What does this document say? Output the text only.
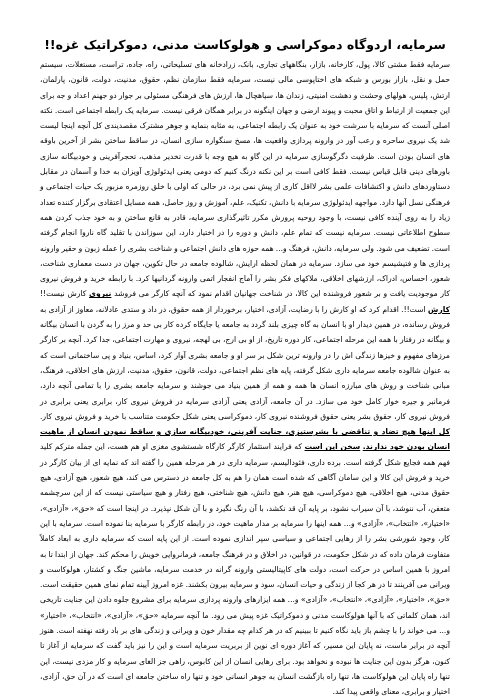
سرمایه، اردوگاه دموکراسی و هولوکاست مدنی، دموکراتیک غزه!!

سرمایه فقط مشتی کالا، پول، کارخانه، بازار، بنگاههای تجاری، بانک، زرادخانه های تسلیحاتی، راه، جاده، تراست، مستغلات، سیستم حمل و نقل، بازار بورس و شبکه های اختاپوسی مالی نیست، سرمایه فقط سازمان نظم، حقوق، مدنیت، دولت، قانون، پارلمان، ارتش، پلیس، هولهای وحشت و دهشت امنیتی، زندان ها، سیاهچال ها، ارزش های فرهنگی مسئولی بر جوار دو جهنم اعداد و جه برای این جمعیت از ارتباط و اتاق محبت و پیوند ارضی و جهان اینگونه در برابر همگان فرقی نیست. سرمایه یک رابطه اجتماعی است. نکته اصلی آنست که سرمایه با سرشت خود به عنوان یک رابطه اجتماعی، به مثابه بنمایه و جوهر مشترک مقصدیندی کل آنچه اینجا لیست شد یک نیروی ساحره و رعب آور در وارونه پردازی واقعیت ها، مسخ سنگواره سازی انسان، در ساقط ساختن بشر از آخرین باوقه های انسان بودن است. ظرفیت دگرگوسازی سرمایه در این گاو به هیچ وجه با قدرت تخدیر مذهب، تحجرآفرینی و خودبیگانه سازی باورهای دینی قابل قیاس نیست. فقط کافی است بر این نکته درنگ کنیم که دومی یعنی ایدئولوژی آویزان به خدا و آسمان در مقابل دستاوردهای دانش و اکتشافات علمی بشر لااقل کاری از پیش نمی برد، در حالی که اولی با خلق روزمره مزبور یک حیات اجتماعی و فرهنگی نسل آنها دارد. مواجهه ایدئولوژی سرمایه با دانش، تکنیک، علم، آموزش و روز حاصل، همه مسایل اعتقادی برگزار کننده تعداد زیاد را به روی آینده کافی نیست، با وجود روحیه پرورش مکرر تاثیرگذاری سرمایه، قادر به قانع ساختن و به خود جذب کردن همه سطوح اطلاعاتی نیست. سرمایه نیست که تمام علم، دانش و دوره را در اختیار دارد، این سوزاندن با تقلید گاه ناروا انجام گرفته است. تضعیف می شود. ولی سرمایه، دانش، فرهنگ و... همه حوزه های دانش اجتماعی و شناخت بشری را عمله زبون و حقیر وارونه پردازی ها و فتیشیسم خود می سازد. سرمایه در همان لحظه ارایش، شالوده جامعه در حال تکوین، جهان در دست معماری شناخت، شعور، احساس، ادراک، ارزشهای اخلاقی، ملاکهای فکر بشر را آماج انفجار اتمی وارونه گردانیها کرد. با رابطه خرید و فروش نیروی کار موجودیت یافت و بر شعور فروشنده این کالا، در شناخت جهانیان اقدام نمود که آنچه کارگر می فروشد نیروی کارش نیست!! کارش است!!. اقدام کرد که او کارش را با رضایت، آزادی، اختیار، برخوردار از همه حقوق، در داد و ستدی عادلانه، معاوز از آزادی به فروش رسانده، در همین دیدار او با انسان به گاه چیزی بلند گردد به جامعه یا جایگاه کرده کار بی حد و مرز را به گردن با انسان بیگانه و بیگانه در رفتار با همه این مرحله اجتماعی، کار دوره تاریخ، از او بی ارج، بی لهجه، نیروی و مهارت اجتماعی، جدا کرد. آنچه بر کارگر مرزهای مفهوم و خیزها زندگی اش را در وارونه ترین شکل بر سر او و جامعه بشری آوار کرد، اساس، بنیاد و پی ساختمانی است که به عنوان شالوده جامعه سرمایه داری شکل گرفته، پایه های نظم اجتماعی، دولت، قانون، حقوق، مدنیت، ارزش های اخلاقی، فرهنگ، مبانی شناخت و روش های مبارزه انسان ها همه و همه از همین بنیاد می جوشند و سرمایه جامعه بشری را با تمامی آنچه دارد، فرمانبر و جیره خوار کامل خود می سازد. در آن جامعه، آزادی یعنی آزادی سرمایه در فروش نیروی کار، برابری یعنی برابری در فروش نیروی کار، حقوق بشر یعنی حقوق فروشنده نیروی کار، دموکراسی یعنی شکل حکومت متناسب با خرید و فروش نیروی کار. کل اینها هیچ تضاد و تناقضی با بشرستیزی، جنایت آفرینی، خودبیگانه سازی و ساقط نمودن انسان از ماهیت انسان بودن خود ندارند. سخن این است که فرایند استثمار کارگر کارگاه شستشوی مغزی او هم هست، این جمله مترکم کلید فهم همه فجایع شکل گرفته است. برده داری، فئودالیسم، سرمایه داری در هر مرحله همین را گفته اند که نمایه ای از بیان کارگر در خرید و فروش این کالا و این سامان آگاهی که شده است همان را هم به کل جامعه در دسترس می کند، هیچ شعور، هیچ آزادی، هیچ حقوق مدنی، هیچ اخلاقی، هیچ دموکراسی، هیچ هنر، هیچ دانش، هیچ شناختی، هیچ رفتار و هیچ سیاستی نیست که از این سرچشمه متعفن، آب ننوشد، با آن سیراب نشود، بر پایه آن قد نکشد، با آن رنگ نگیرد و با آن شکل نپذیرد. در اینجا است که «حق»، «آزادی»، «اختیار»، «انتخاب»، «آزادی» و... همه اینها را سرمایه بر مدار ماهیت خود، در رابطه کارگر با سرمایه بنا نموده است. سرمایه با این کار، وجود شورشی بشر را از رهایی اجتماعی و سیاسی سپر اندازی نموده است. از این پایه است که سرمایه داری به ابعاد کاملاً متفاوت فرمان داده که در شکل حکومت، در قوانین، در اخلاق و در فرهنگ جامعه، فرمانروایی خویش را محکم کند. جهان از ابتدا تا به امروز با همین اساس در حرکت است، دولت های کاپیتالیستی وارونه گرانه در خدمت سرمایه، ماشین جنگ و کشتار، هولوکاست و ویرانی می آفرینند تا در هر کجا از زندگی و حیات انسان، سود و سرمایه بیرون بکشند. غزه امروز آیینه تمام نمای همین حقیقت است. «حق»، «اختیار»، «آزادی»، «انتخاب»، «آزادی» و... همه ایزارهای وارونه پردازی سرمایه برای مشروع جلوه دادن این جنایت تاریخی اند، همان کلماتی که با آنها هولوکاست مدنی و دموکراتیک غزه پیش می رود. ما آنچه سرمایه «حق»، «آزادی»، «انتخاب»، «اختیار» و... می خواند را با چشم باز باید نگاه کنیم تا ببینیم که در هر کدام چه مقدار خون و ویرانی و زندگی های بر باد رفته نهفته است. هنوز آنچه در برابر ماست، نه پایان این مسیر، که آغاز دوره ای نوین از بربریت سرمایه است و این را نیز باید گفت که سرمایه از آغاز تا کنون، هرگز بدون این جنایت ها نبوده و نخواهد بود. برای رهایی انسان از این کابوس، راهی جز الغای سرمایه و کار مزدی نیست، این تنها راه پایان این هولوکاست ها، تنها راه بازگشت انسان به جوهر انسانی خود و تنها راه ساختن جامعه ای است که در آن حق، آزادی، اختیار و برابری، معنای واقعی پیدا کند.
